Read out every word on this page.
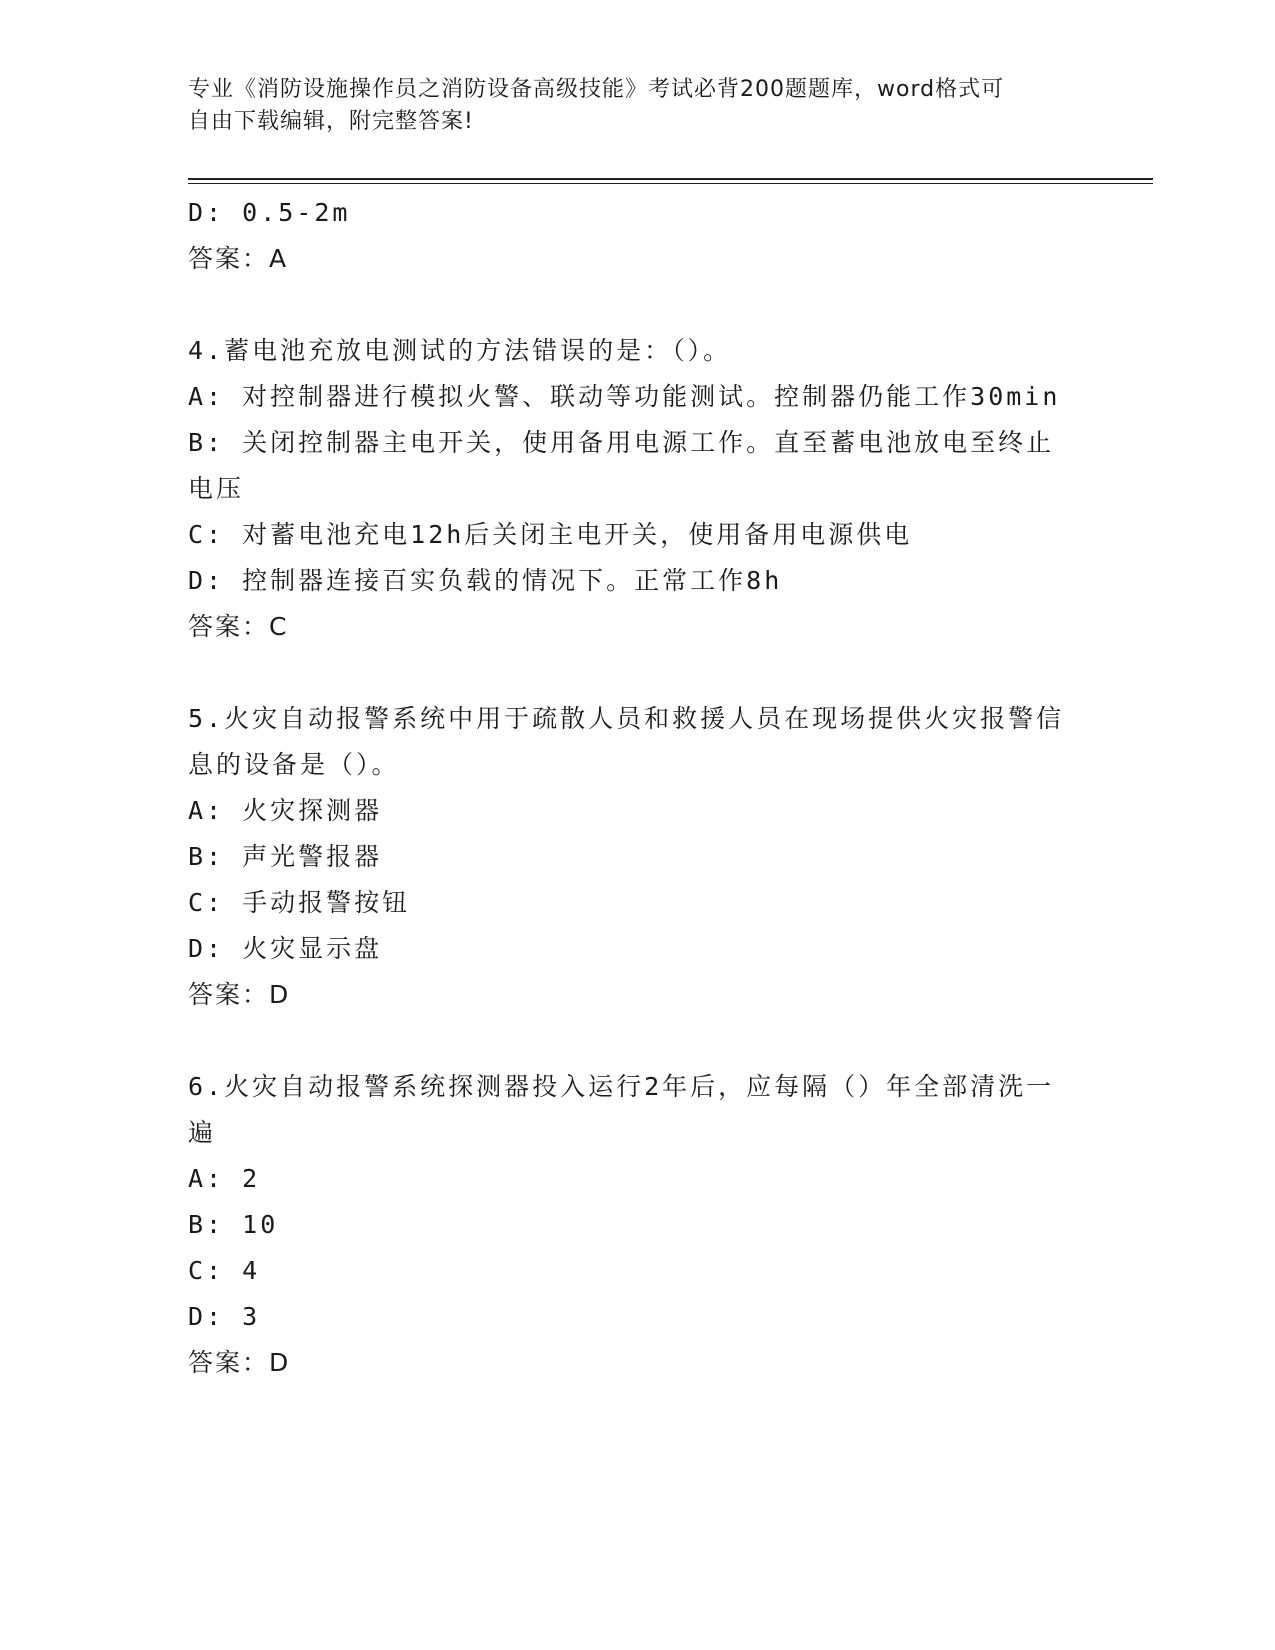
专业《消防设施操作员之消防设备高级技能》考试必背200题题库，word格式可
自由下载编辑，附完整答案!
D: 0.5-2m
答案：A
4.蓄电池充放电测试的方法错误的是：（）。
A: 对控制器进行模拟火警、联动等功能测试。控制器仍能工作30min
B: 关闭控制器主电开关，使用备用电源工作。直至蓄电池放电至终止电压
C: 对蓄电池充电12h后关闭主电开关，使用备用电源供电
D: 控制器连接百实负载的情况下。正常工作8h
答案：C
5.火灾自动报警系统中用于疏散人员和救援人员在现场提供火灾报警信息的设备是（）。
A: 火灾探测器
B: 声光警报器
C: 手动报警按钮
D: 火灾显示盘
答案：D
6.火灾自动报警系统探测器投入运行2年后，应每隔（）年全部清洗一遍
A: 2
B: 10
C: 4
D: 3
答案：D
